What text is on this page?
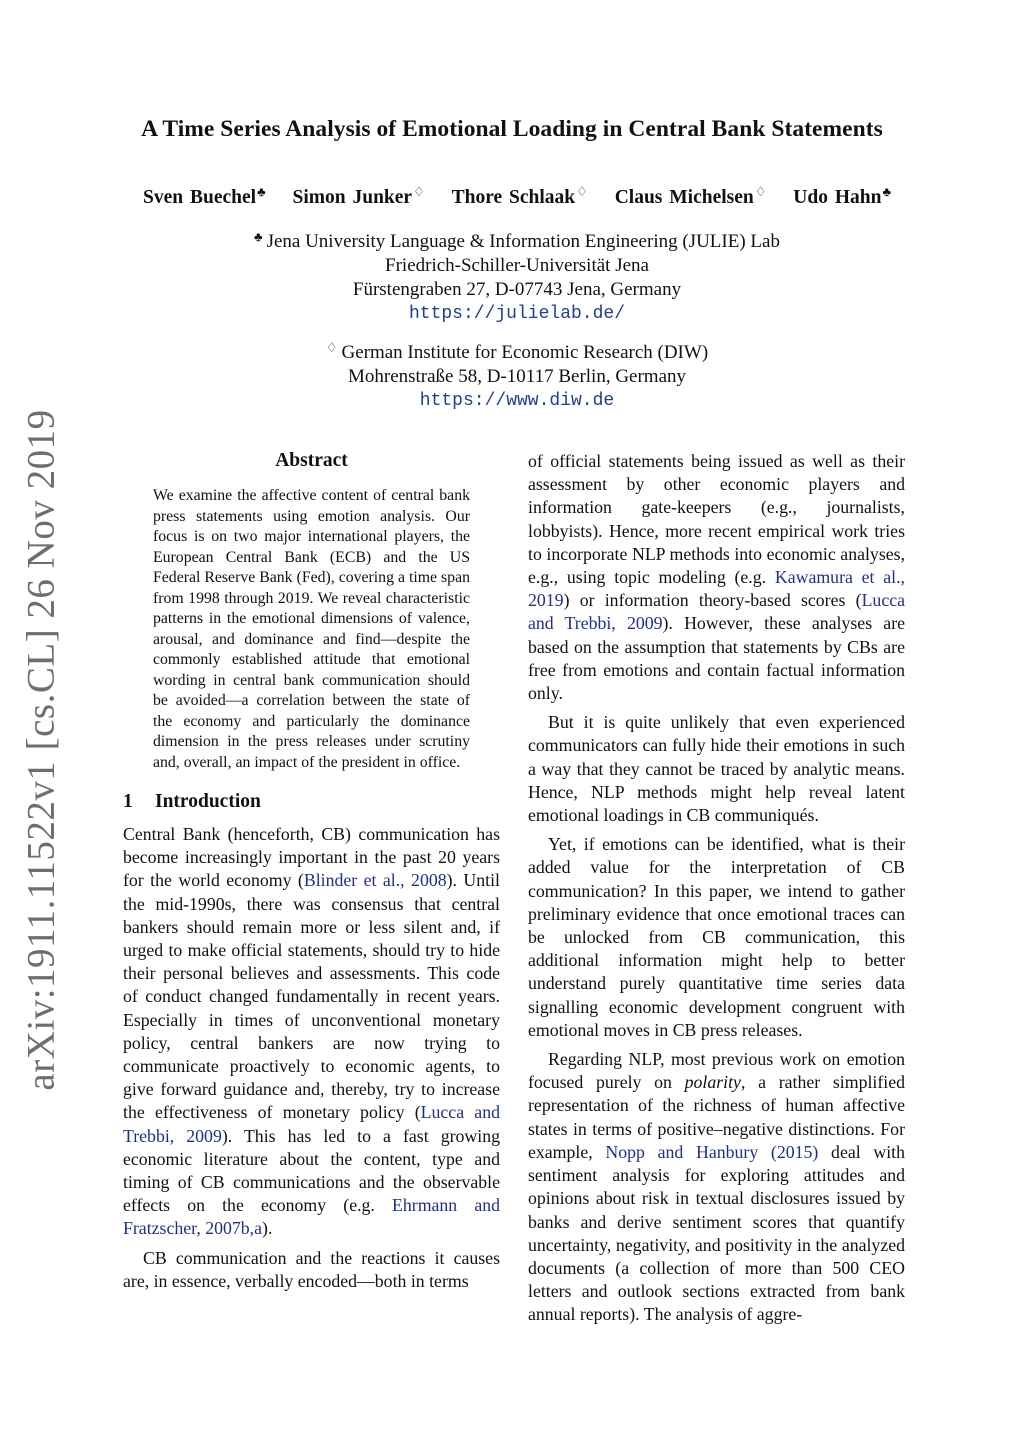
arXiv:1911.11522v1 [cs.CL] 26 Nov 2019
A Time Series Analysis of Emotional Loading in Central Bank Statements
Sven Buechel♣ Simon Junker♢ Thore Schlaak♢ Claus Michelsen♢ Udo Hahn♣
♣ Jena University Language & Information Engineering (JULIE) Lab
Friedrich-Schiller-Universität Jena
Fürstengraben 27, D-07743 Jena, Germany
https://julielab.de/
♢ German Institute for Economic Research (DIW)
Mohrenstraße 58, D-10117 Berlin, Germany
https://www.diw.de
Abstract

We examine the affective content of central bank press statements using emotion analysis. Our focus is on two major international players, the European Central Bank (ECB) and the US Federal Reserve Bank (Fed), covering a time span from 1998 through 2019. We reveal characteristic patterns in the emotional dimensions of valence, arousal, and dominance and find—despite the commonly established attitude that emotional wording in central bank communication should be avoided—a correlation between the state of the economy and particularly the dominance dimension in the press releases under scrutiny and, overall, an impact of the president in office.

1 Introduction

Central Bank (henceforth, CB) communication has become increasingly important in the past 20 years for the world economy (Blinder et al., 2008). Until the mid-1990s, there was consensus that central bankers should remain more or less silent and, if urged to make official statements, should try to hide their personal believes and assessments. This code of conduct changed fundamentally in recent years. Especially in times of unconventional monetary policy, central bankers are now trying to communicate proactively to economic agents, to give forward guidance and, thereby, try to increase the effectiveness of monetary policy (Lucca and Trebbi, 2009). This has led to a fast growing economic literature about the content, type and timing of CB communications and the observable effects on the economy (e.g. Ehrmann and Fratzscher, 2007b,a).

CB communication and the reactions it causes are, in essence, verbally encoded—both in terms

of official statements being issued as well as their assessment by other economic players and information gate-keepers (e.g., journalists, lobbyists). Hence, more recent empirical work tries to incorporate NLP methods into economic analyses, e.g., using topic modeling (e.g. Kawamura et al., 2019) or information theory-based scores (Lucca and Trebbi, 2009). However, these analyses are based on the assumption that statements by CBs are free from emotions and contain factual information only.

But it is quite unlikely that even experienced communicators can fully hide their emotions in such a way that they cannot be traced by analytic means. Hence, NLP methods might help reveal latent emotional loadings in CB communiqués.

Yet, if emotions can be identified, what is their added value for the interpretation of CB communication? In this paper, we intend to gather preliminary evidence that once emotional traces can be unlocked from CB communication, this additional information might help to better understand purely quantitative time series data signalling economic development congruent with emotional moves in CB press releases.

Regarding NLP, most previous work on emotion focused purely on polarity, a rather simplified representation of the richness of human affective states in terms of positive–negative distinctions. For example, Nopp and Hanbury (2015) deal with sentiment analysis for exploring attitudes and opinions about risk in textual disclosures issued by banks and derive sentiment scores that quantify uncertainty, negativity, and positivity in the analyzed documents (a collection of more than 500 CEO letters and outlook sections extracted from bank annual reports). The analysis of aggre-
